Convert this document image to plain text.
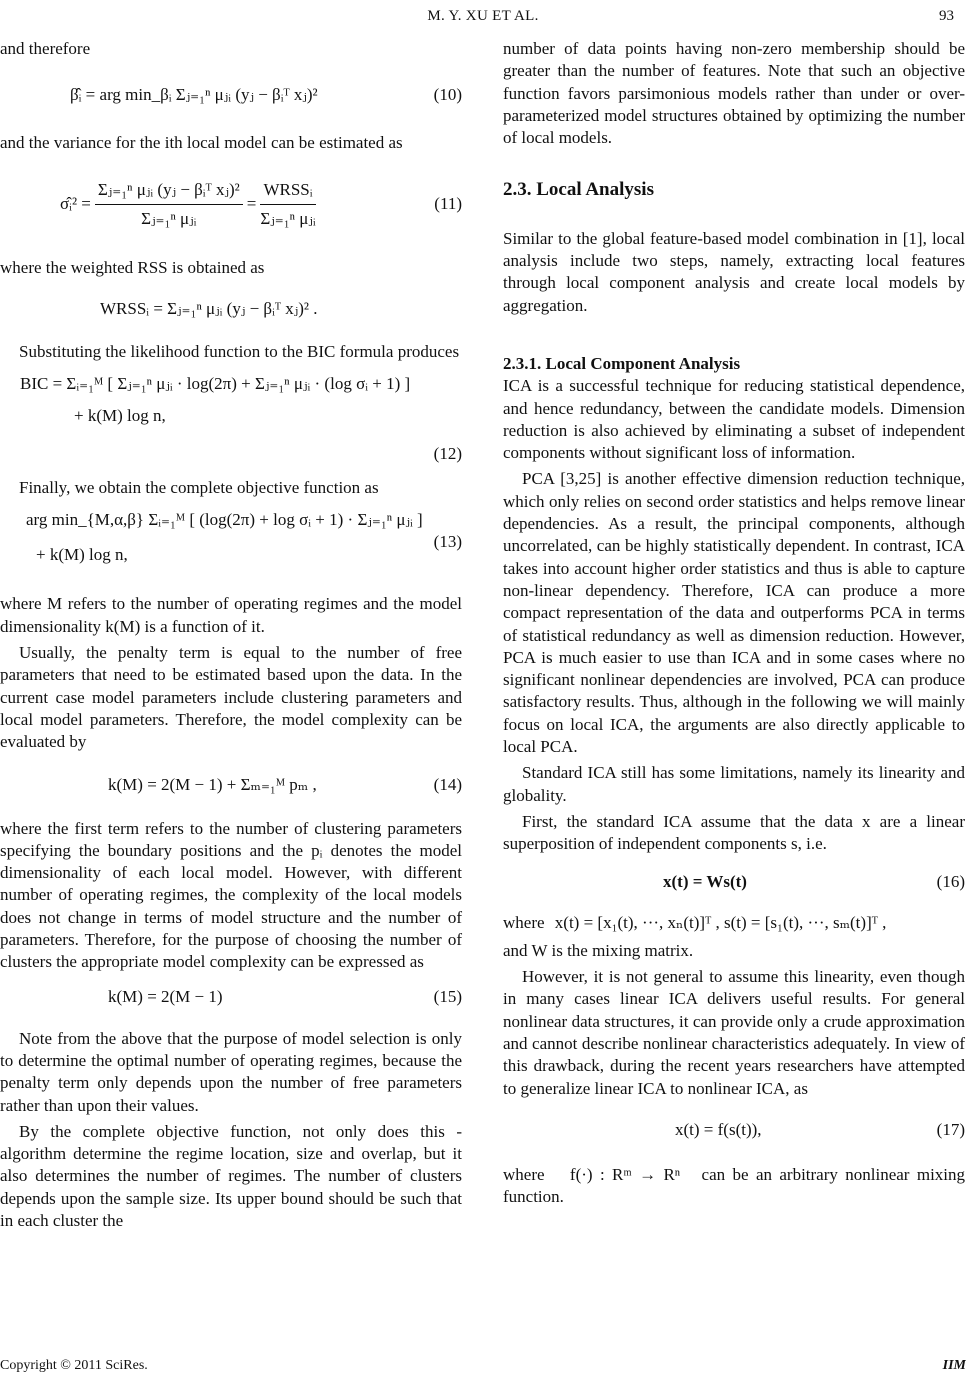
M. Y. XU ET AL.	93

and therefore

β̂ᵢ = arg min_βᵢ Σⱼ₌₁ⁿ μⱼᵢ (yⱼ − βᵢᵀ xⱼ)²	(10)

and the variance for the ith local model can be estimated as

σ̂ᵢ² = $\frac{\text{Σⱼ₌₁ⁿ μⱼᵢ (yⱼ − βᵢᵀ xⱼ)²}}{\text{Σⱼ₌₁ⁿ μⱼᵢ}} = \frac{\text{WRSSᵢ}}{\text{Σⱼ₌₁ⁿ μⱼᵢ}}$	(11)

where the weighted RSS is obtained as

WRSSᵢ = Σⱼ₌₁ⁿ μⱼᵢ (yⱼ − βᵢᵀ xⱼ)² .

Substituting the likelihood function to the BIC formula produces

BIC = Σᵢ₌₁ᴹ [ Σⱼ₌₁ⁿ μⱼᵢ · log(2π) + Σⱼ₌₁ⁿ μⱼᵢ · (log σᵢ + 1) ]
+ k(M) log n,
(12)

Finally, we obtain the complete objective function as

arg min_{M,α,β} Σᵢ₌₁ᴹ [ (log(2π) + log σᵢ + 1) · Σⱼ₌₁ⁿ μⱼᵢ ]
+ k(M) log n,
(13)

where M refers to the number of operating regimes and the model dimensionality k(M) is a function of it.

Usually, the penalty term is equal to the number of free parameters that need to be estimated based upon the data. In the current case model parameters include clustering parameters and local model parameters. Therefore, the model complexity can be evaluated by

k(M) = 2(M − 1) + Σₘ₌₁ᴹ pₘ ,	(14)

where the first term refers to the number of clustering parameters specifying the boundary positions and the pᵢ denotes the model dimensionality of each local model. However, with different number of operating regimes, the complexity of the local models does not change in terms of model structure and the number of parameters. Therefore, for the purpose of choosing the number of clusters the appropriate model complexity can be expressed as

k(M) = 2(M − 1)	(15)

Note from the above that the purpose of model selection is only to determine the optimal number of operating regimes, because the penalty term only depends upon the number of free parameters rather than upon their values.

By the complete objective function, not only does this - algorithm determine the regime location, size and overlap, but it also determines the number of regimes. The number of clusters depends upon the sample size. Its upper bound should be such that in each cluster the

number of data points having non-zero membership should be greater than the number of features. Note that such an objective function favors parsimonious models rather than under or over-parameterized model structures obtained by optimizing the number of local models.

2.3. Local Analysis

Similar to the global feature-based model combination in [1], local analysis include two steps, namely, extracting local features through local component analysis and create local models by aggregation.

2.3.1. Local Component Analysis

ICA is a successful technique for reducing statistical dependence, and hence redundancy, between the candidate models. Dimension reduction is also achieved by eliminating a subset of independent components without significant loss of information.

PCA [3,25] is another effective dimension reduction technique, which only relies on second order statistics and helps remove linear dependencies. As a result, the principal components, although uncorrelated, can be highly statistically dependent. In contrast, ICA takes into account higher order statistics and thus is able to capture non-linear dependency. Therefore, ICA can produce a more compact representation of the data and outperforms PCA in terms of statistical redundancy as well as dimension reduction. However, PCA is much easier to use than ICA and in some cases where no significant nonlinear dependencies are involved, PCA can produce satisfactory results. Thus, although in the following we will mainly focus on local ICA, the arguments are also directly applicable to local PCA.

Standard ICA still has some limitations, namely its linearity and globality.

First, the standard ICA assume that the data x are a linear superposition of independent components s, i.e.

x(t) = Ws(t)	(16)

where x(t) = [x₁(t), ···, xₙ(t)]ᵀ , s(t) = [s₁(t), ···, sₘ(t)]ᵀ ,

and W is the mixing matrix.

However, it is not general to assume this linearity, even though in many cases linear ICA delivers useful results. For general nonlinear data structures, it can provide only a crude approximation and cannot describe nonlinear characteristics adequately. In view of this drawback, during the recent years researchers have attempted to generalize linear ICA to nonlinear ICA, as

x(t) = f(s(t)),	(17)

where f(·) : Rᵐ → Rⁿ can be an arbitrary nonlinear mixing function.

Copyright © 2011 SciRes.	IIM
